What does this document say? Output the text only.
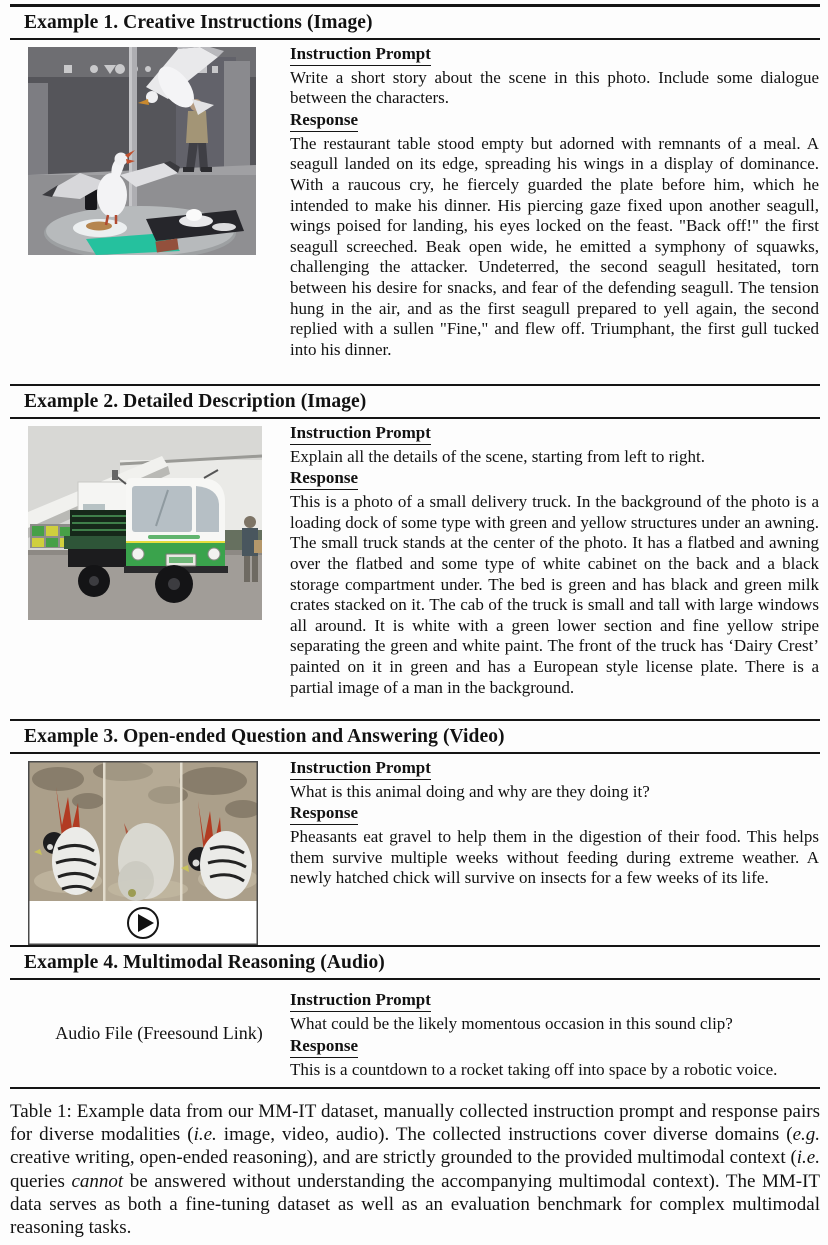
Example 1. Creative Instructions (Image)
Instruction Prompt
Write a short story about the scene in this photo. Include some dialogue between the characters.
Response
The restaurant table stood empty but adorned with remnants of a meal. A seagull landed on its edge, spreading his wings in a display of dominance. With a raucous cry, he fiercely guarded the plate before him, which he intended to make his dinner. His piercing gaze fixed upon another seagull, wings poised for landing, his eyes locked on the feast. "Back off!" the first seagull screeched. Beak open wide, he emitted a symphony of squawks, challenging the attacker. Undeterred, the second seagull hesitated, torn between his desire for snacks, and fear of the defending seagull. The tension hung in the air, and as the first seagull prepared to yell again, the second replied with a sullen "Fine," and flew off. Triumphant, the first gull tucked into his dinner.
Example 2. Detailed Description (Image)
Instruction Prompt
Explain all the details of the scene, starting from left to right.
Response
This is a photo of a small delivery truck. In the background of the photo is a loading dock of some type with green and yellow structures under an awning. The small truck stands at the center of the photo. It has a flatbed and awning over the flatbed and some type of white cabinet on the back and a black storage compartment under. The bed is green and has black and green milk crates stacked on it. The cab of the truck is small and tall with large windows all around. It is white with a green lower section and fine yellow stripe separating the green and white paint. The front of the truck has ‘Dairy Crest’ painted on it in green and has a European style license plate. There is a partial image of a man in the background.
Example 3. Open-ended Question and Answering (Video)
Instruction Prompt
What is this animal doing and why are they doing it?
Response
Pheasants eat gravel to help them in the digestion of their food. This helps them survive multiple weeks without feeding during extreme weather. A newly hatched chick will survive on insects for a few weeks of its life.
Example 4. Multimodal Reasoning (Audio)
Audio File (Freesound Link)
Instruction Prompt
What could be the likely momentous occasion in this sound clip?
Response
This is a countdown to a rocket taking off into space by a robotic voice.
Table 1: Example data from our MM-IT dataset, manually collected instruction prompt and response pairs for diverse modalities (i.e. image, video, audio). The collected instructions cover diverse domains (e.g. creative writing, open-ended reasoning), and are strictly grounded to the provided multimodal context (i.e. queries cannot be answered without understanding the accompanying multimodal context). The MM-IT data serves as both a fine-tuning dataset as well as an evaluation benchmark for complex multimodal reasoning tasks.
